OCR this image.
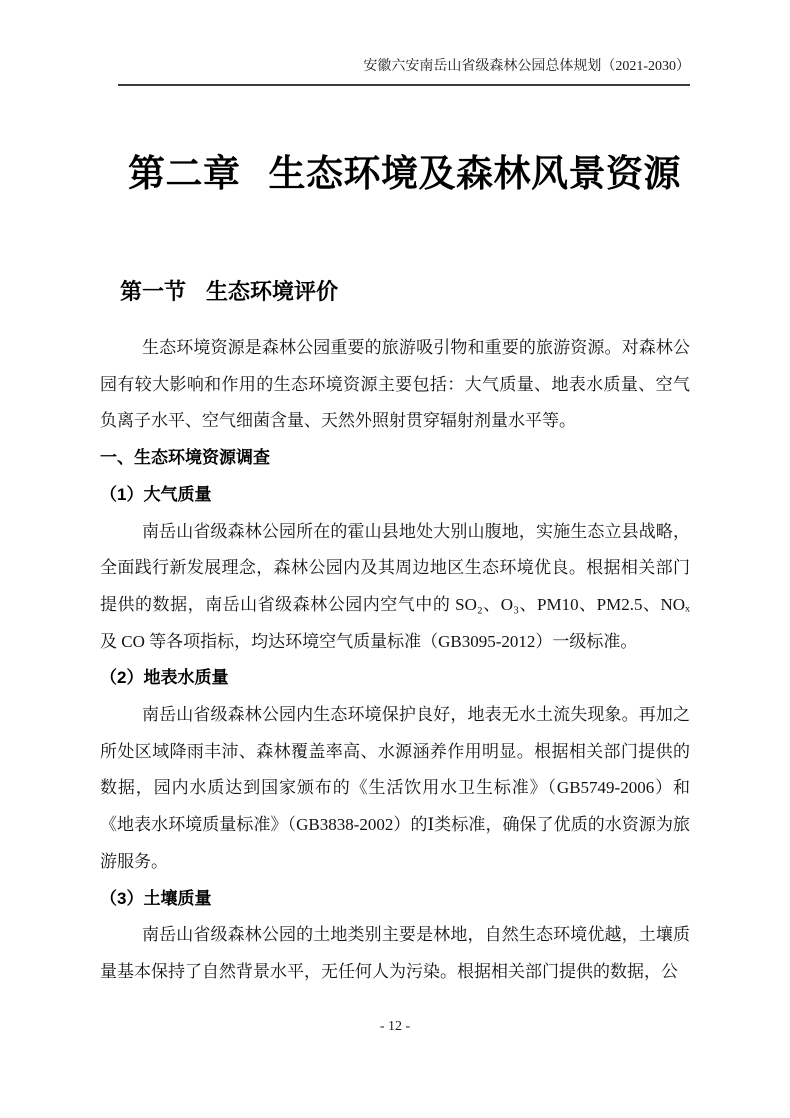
安徽六安南岳山省级森林公园总体规划（2021-2030）
第二章 生态环境及森林风景资源
第一节 生态环境评价

生态环境资源是森林公园重要的旅游吸引物和重要的旅游资源。对森林公园有较大影响和作用的生态环境资源主要包括：大气质量、地表水质量、空气负离子水平、空气细菌含量、天然外照射贯穿辐射剂量水平等。

一、生态环境资源调查

（1）大气质量

南岳山省级森林公园所在的霍山县地处大别山腹地，实施生态立县战略，全面践行新发展理念，森林公园内及其周边地区生态环境优良。根据相关部门提供的数据，南岳山省级森林公园内空气中的 SO₂、O₃、PM10、PM2.5、NOₓ 及 CO 等各项指标，均达环境空气质量标准（GB3095-2012）一级标准。

（2）地表水质量

南岳山省级森林公园内生态环境保护良好，地表无水土流失现象。再加之所处区域降雨丰沛、森林覆盖率高、水源涵养作用明显。根据相关部门提供的数据，园内水质达到国家颁布的《生活饮用水卫生标准》（GB5749-2006）和《地表水环境质量标准》（GB3838-2002）的Ⅰ类标准，确保了优质的水资源为旅游服务。

（3）土壤质量

南岳山省级森林公园的土地类别主要是林地，自然生态环境优越，土壤质量基本保持了自然背景水平，无任何人为污染。根据相关部门提供的数据，公

- 12 -
